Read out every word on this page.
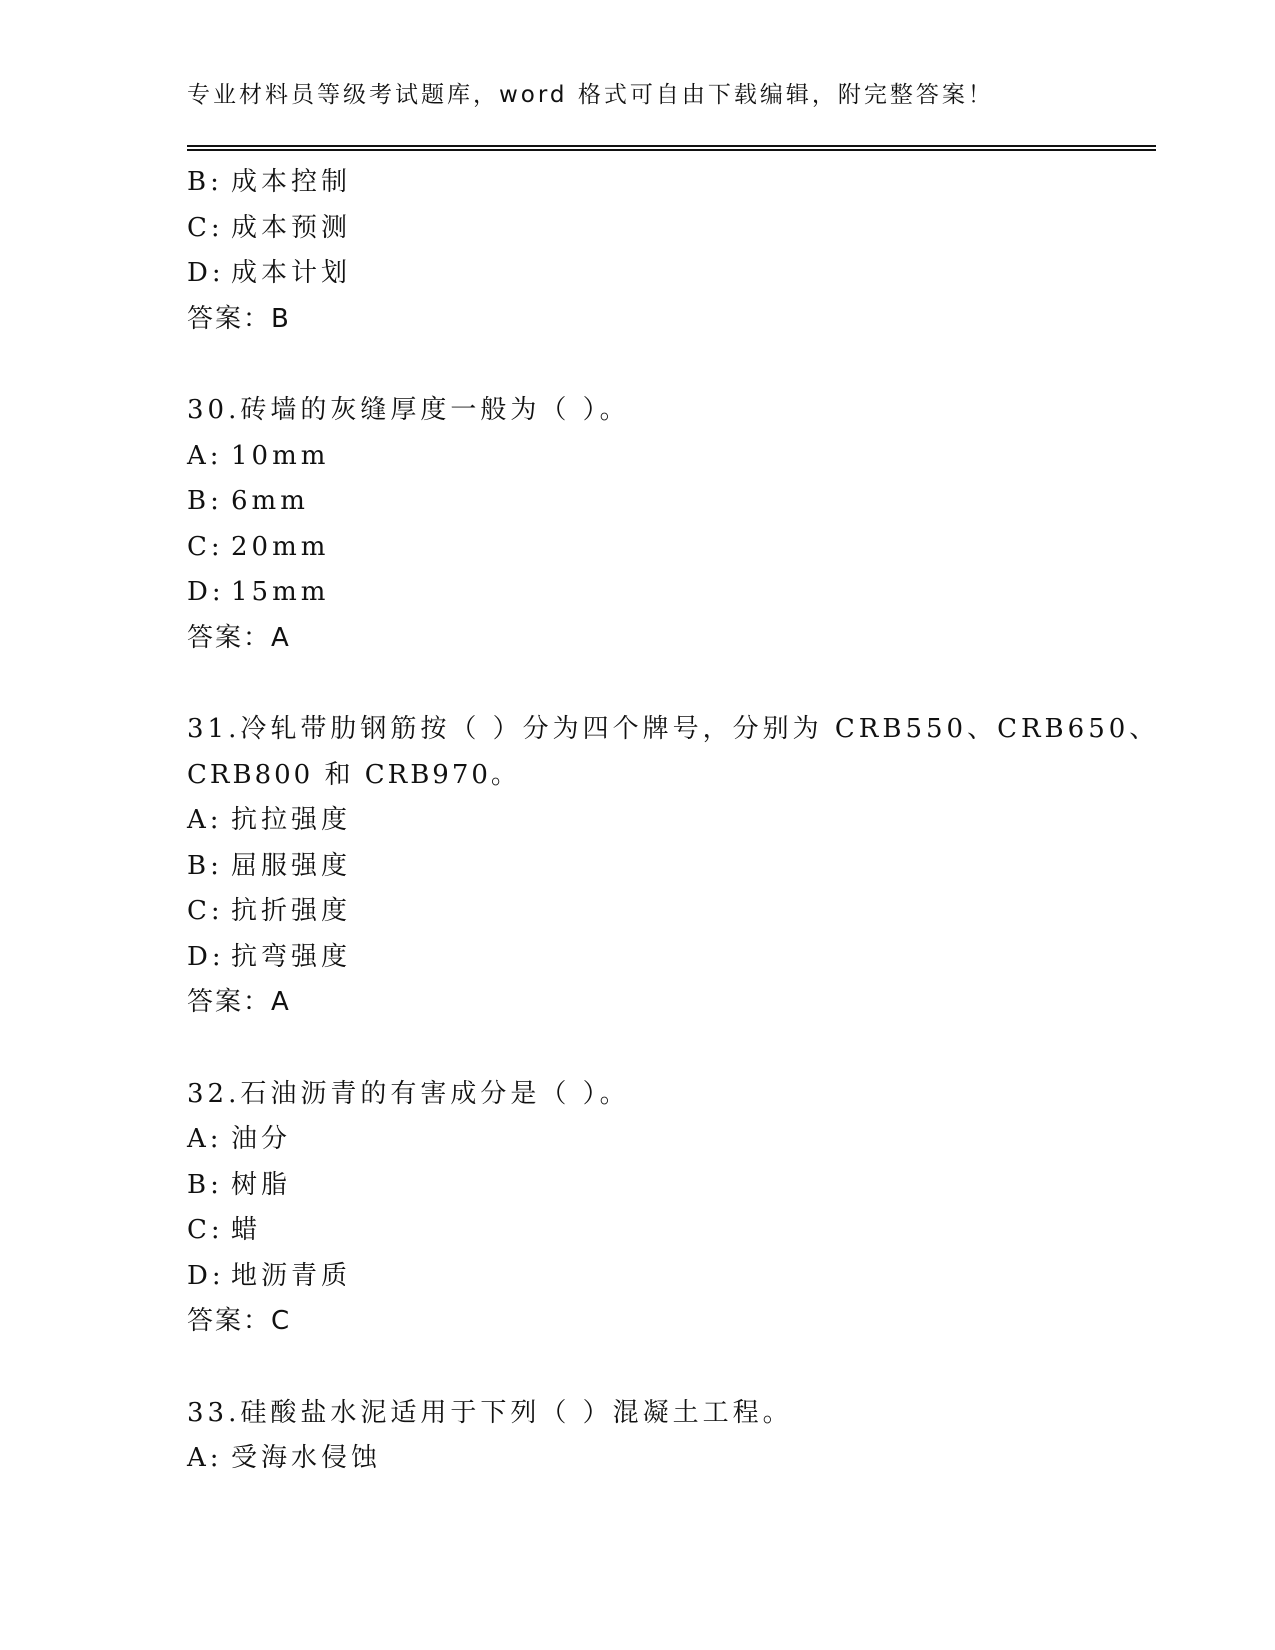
专业材料员等级考试题库，word 格式可自由下载编辑，附完整答案！
B: 成本控制
C: 成本预测
D: 成本计划
答案：B
30.砖墙的灰缝厚度一般为（ ）。
A: 10mm
B: 6mm
C: 20mm
D: 15mm
答案：A
31.冷轧带肋钢筋按（ ）分为四个牌号，分别为 CRB550、CRB650、
CRB800 和 CRB970。
A: 抗拉强度
B: 屈服强度
C: 抗折强度
D: 抗弯强度
答案：A
32.石油沥青的有害成分是（ ）。
A: 油分
B: 树脂
C: 蜡
D: 地沥青质
答案：C
33.硅酸盐水泥适用于下列（ ）混凝土工程。
A: 受海水侵蚀
